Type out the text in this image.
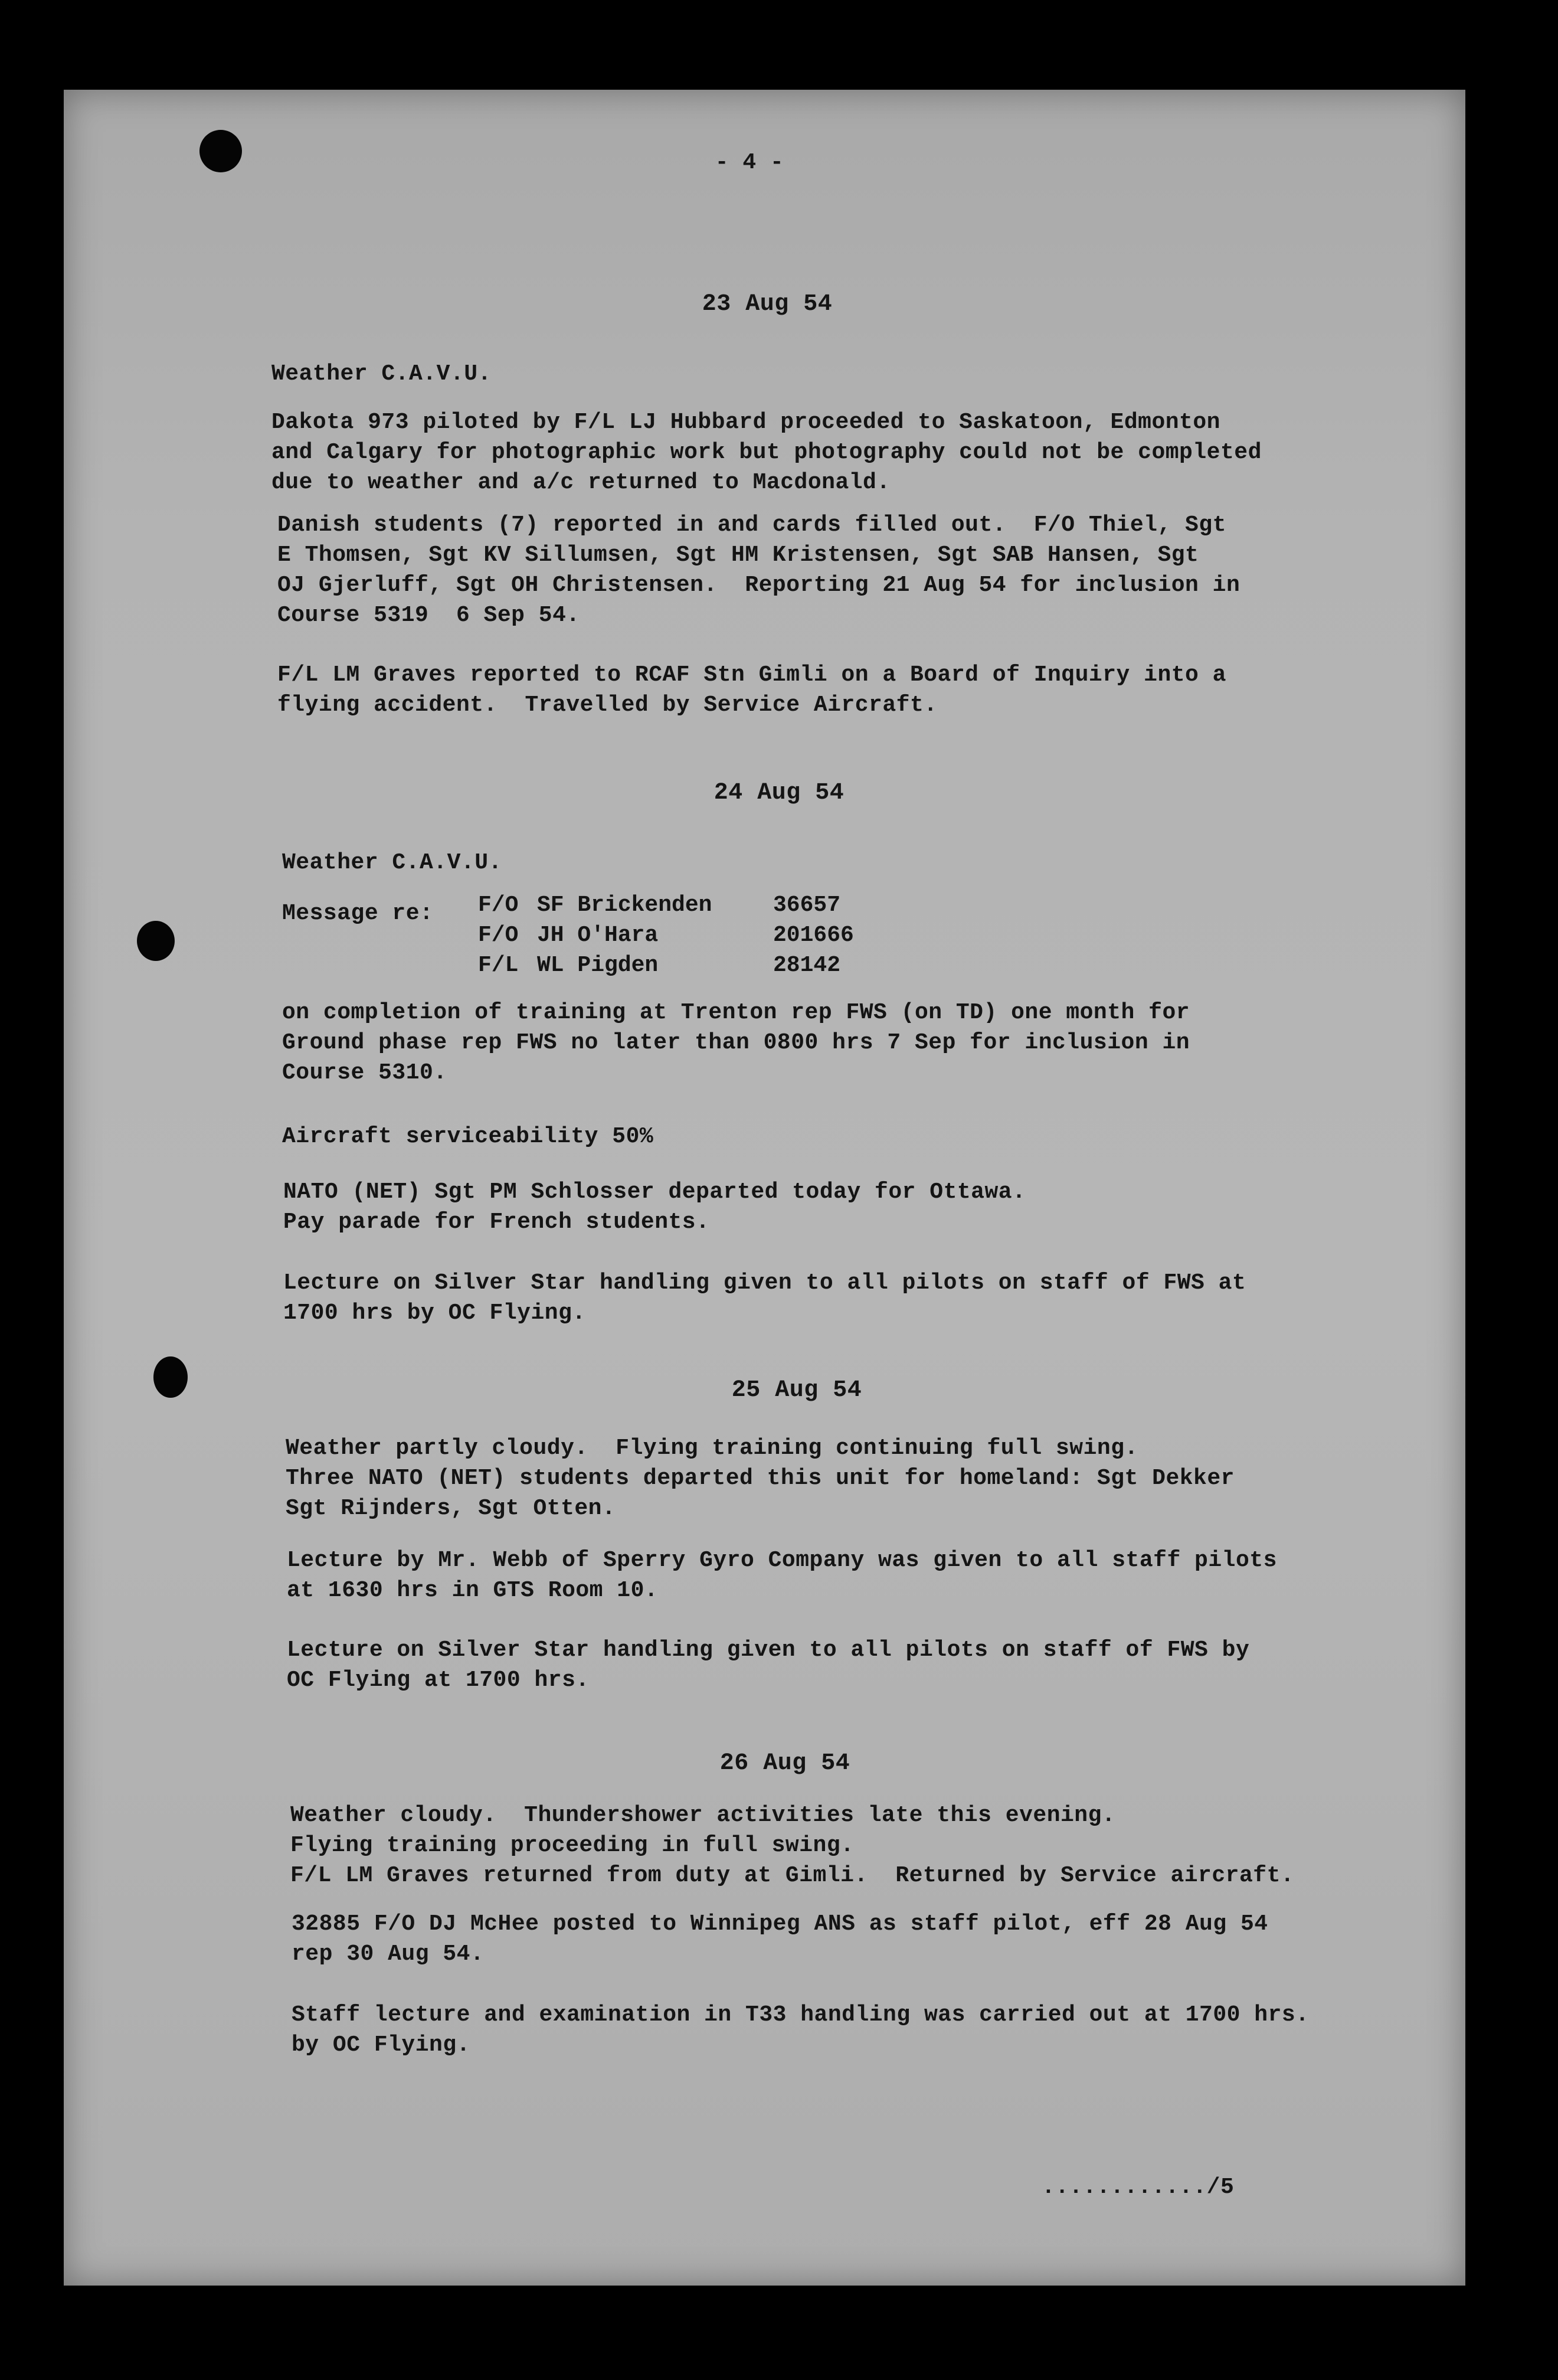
- 4 -
23 Aug 54
Weather C.A.V.U.
Dakota 973 piloted by F/L LJ Hubbard proceeded to Saskatoon, Edmonton
and Calgary for photographic work but photography could not be completed
due to weather and a/c returned to Macdonald.
Danish students (7) reported in and cards filled out.  F/O Thiel, Sgt
E Thomsen, Sgt KV Sillumsen, Sgt HM Kristensen, Sgt SAB Hansen, Sgt
OJ Gjerluff, Sgt OH Christensen.  Reporting 21 Aug 54 for inclusion in
Course 5319  6 Sep 54.
F/L LM Graves reported to RCAF Stn Gimli on a Board of Inquiry into a
flying accident.  Travelled by Service Aircraft.
24 Aug 54
Weather C.A.V.U.
Message re: F/O SF Brickenden	36657
F/O JH O'Hara	201666
F/L WL Pigden	28142
on completion of training at Trenton rep FWS (on TD) one month for
Ground phase rep FWS no later than 0800 hrs 7 Sep for inclusion in
Course 5310.
Aircraft serviceability 50%
NATO (NET) Sgt PM Schlosser departed today for Ottawa.
Pay parade for French students.
Lecture on Silver Star handling given to all pilots on staff of FWS at
1700 hrs by OC Flying.
25 Aug 54
Weather partly cloudy.  Flying training continuing full swing.
Three NATO (NET) students departed this unit for homeland: Sgt Dekker
Sgt Rijnders, Sgt Otten.
Lecture by Mr. Webb of Sperry Gyro Company was given to all staff pilots
at 1630 hrs in GTS Room 10.
Lecture on Silver Star handling given to all pilots on staff of FWS by
OC Flying at 1700 hrs.
26 Aug 54
Weather cloudy.  Thundershower activities late this evening.
Flying training proceeding in full swing.
F/L LM Graves returned from duty at Gimli.  Returned by Service aircraft.
32885 F/O DJ McHee posted to Winnipeg ANS as staff pilot, eff 28 Aug 54
rep 30 Aug 54.
Staff lecture and examination in T33 handling was carried out at 1700 hrs.
by OC Flying.
............/5
